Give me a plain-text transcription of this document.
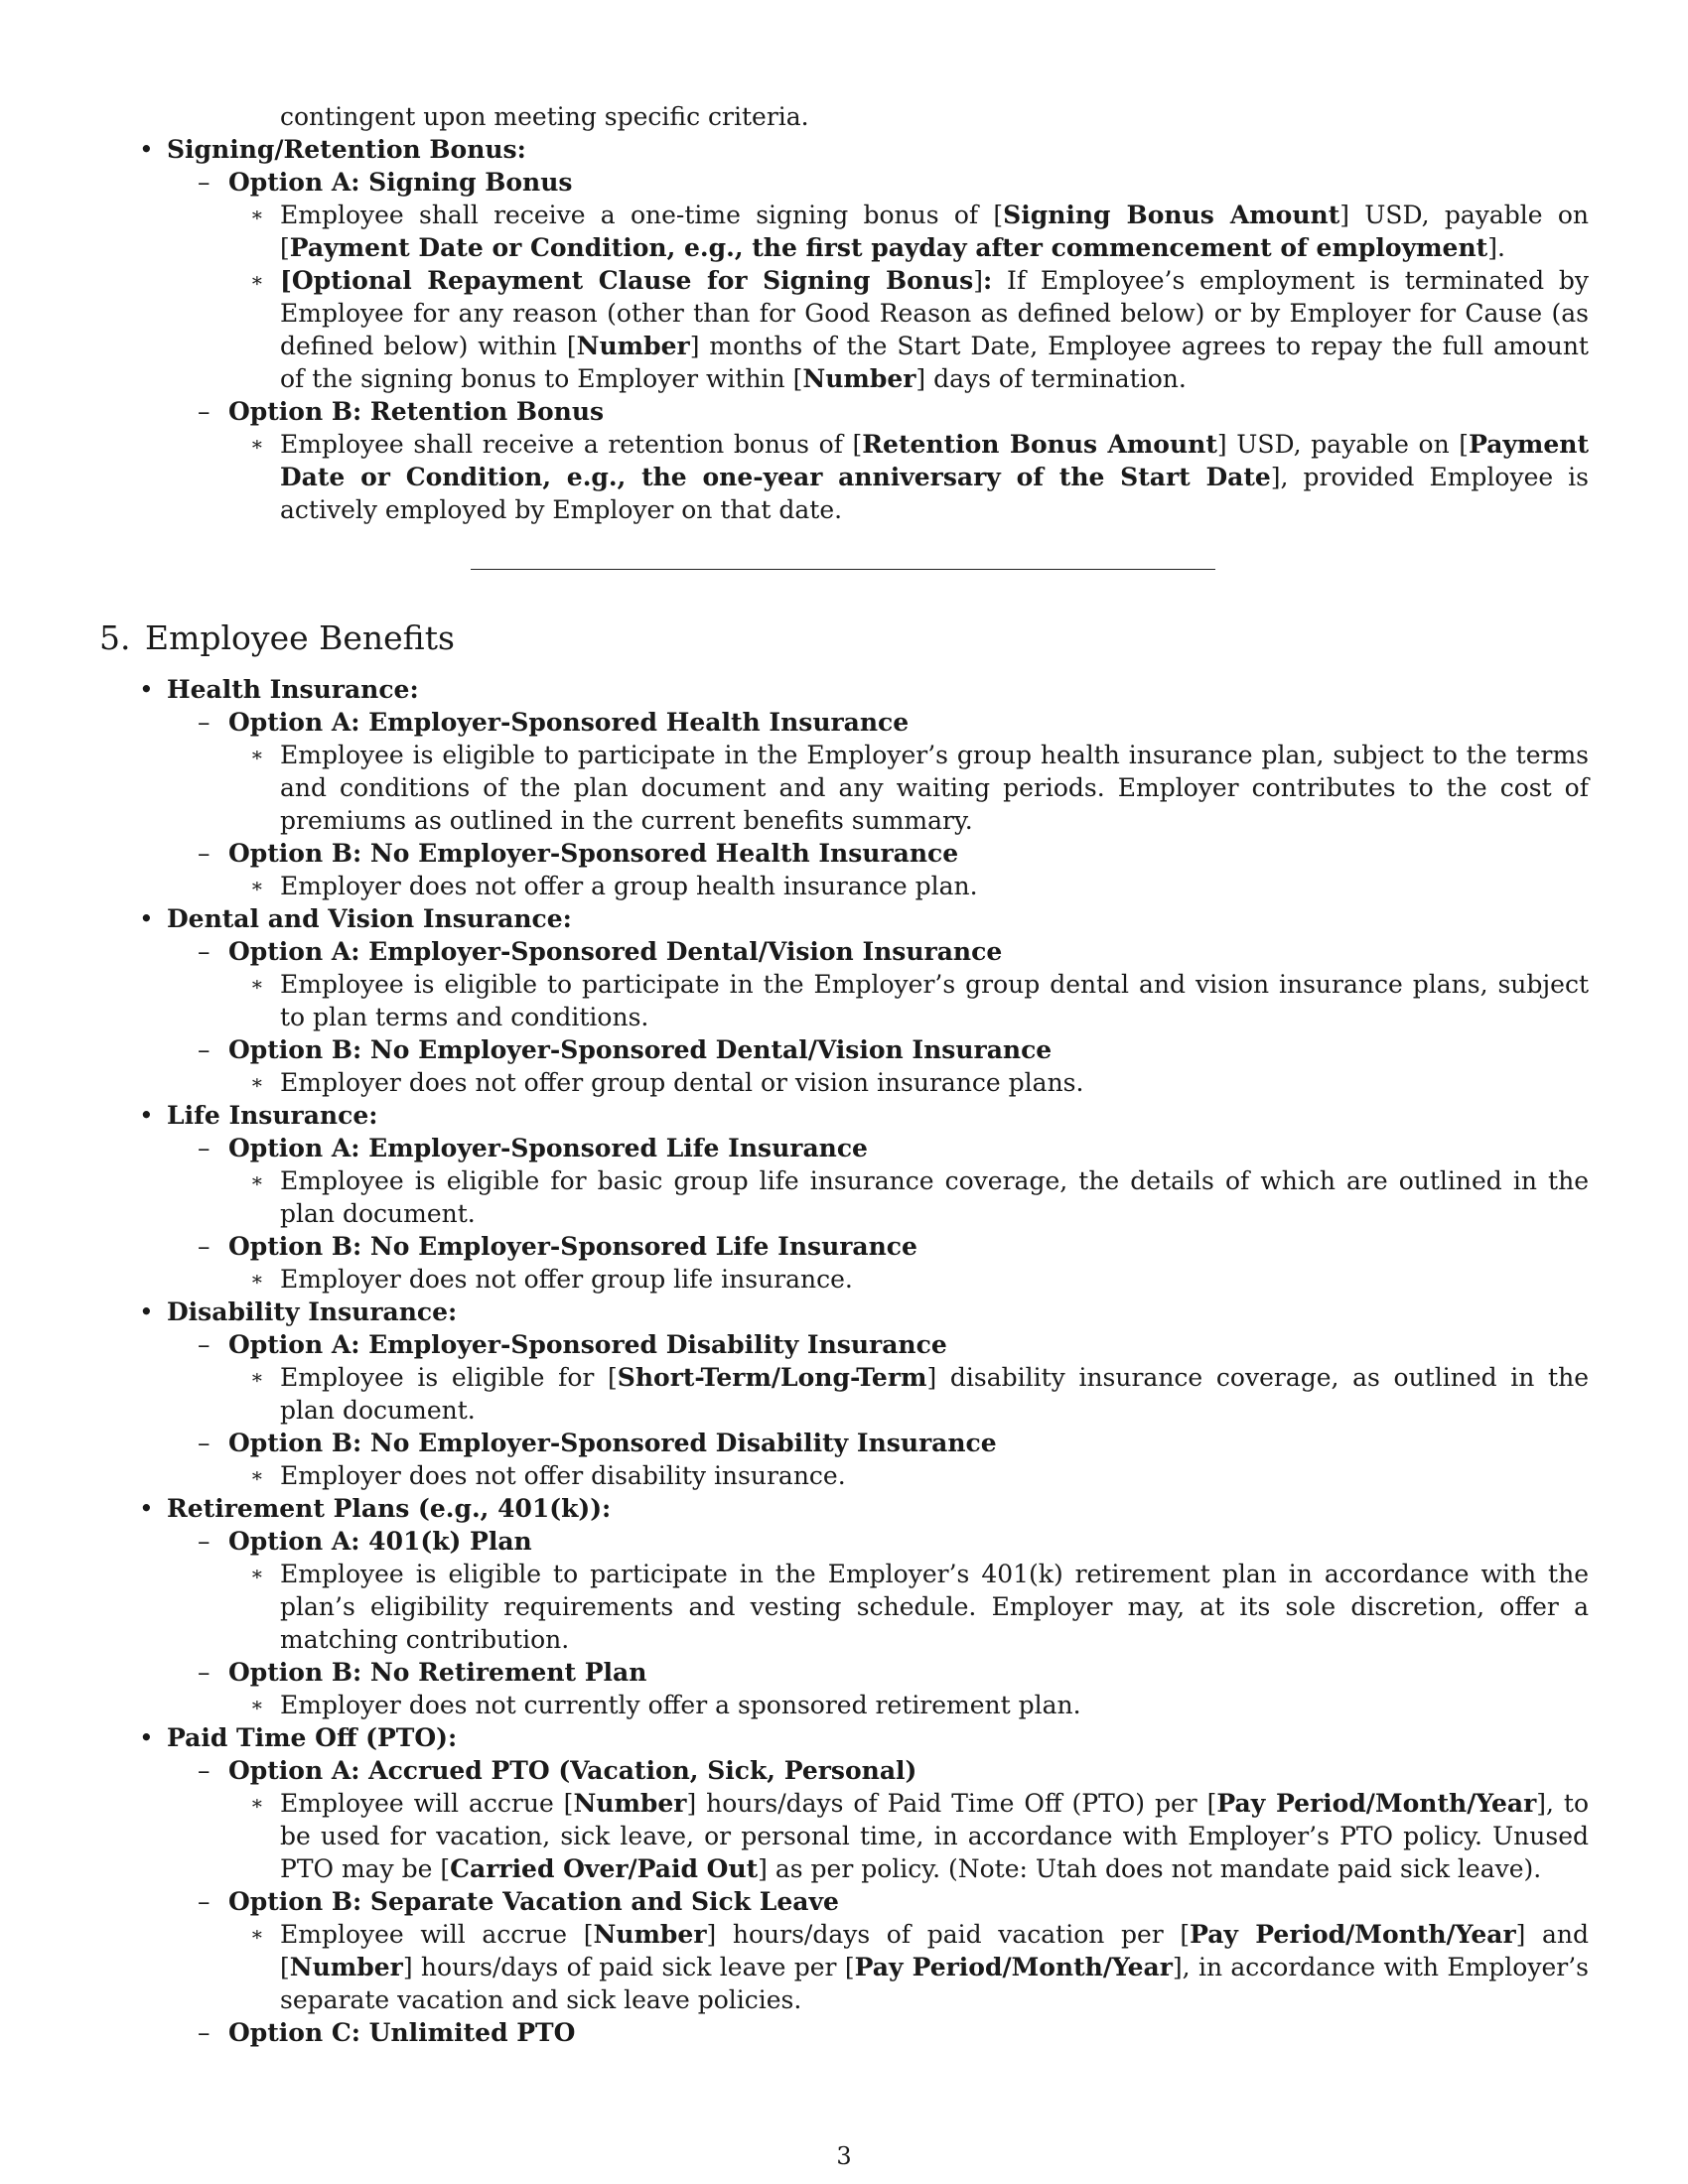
contingent upon meeting specific criteria.
• Signing/Retention Bonus:
– Option A: Signing Bonus
∗ Employee shall receive a one-time signing bonus of [Signing Bonus Amount] USD, payable on [Payment Date or Condition, e.g., the first payday after commencement of employment].
∗ [Optional Repayment Clause for Signing Bonus]: If Employee’s employment is terminated by Employee for any reason (other than for Good Reason as defined below) or by Employer for Cause (as defined below) within [Number] months of the Start Date, Employee agrees to repay the full amount of the signing bonus to Employer within [Number] days of termination.
– Option B: Retention Bonus
∗ Employee shall receive a retention bonus of [Retention Bonus Amount] USD, payable on [Payment Date or Condition, e.g., the one-year anniversary of the Start Date], provided Employee is actively employed by Employer on that date.
5. Employee Benefits
• Health Insurance:
– Option A: Employer-Sponsored Health Insurance
∗ Employee is eligible to participate in the Employer’s group health insurance plan, subject to the terms and conditions of the plan document and any waiting periods. Employer contributes to the cost of premiums as outlined in the current benefits summary.
– Option B: No Employer-Sponsored Health Insurance
∗ Employer does not offer a group health insurance plan.
• Dental and Vision Insurance:
– Option A: Employer-Sponsored Dental/Vision Insurance
∗ Employee is eligible to participate in the Employer’s group dental and vision insurance plans, subject to plan terms and conditions.
– Option B: No Employer-Sponsored Dental/Vision Insurance
∗ Employer does not offer group dental or vision insurance plans.
• Life Insurance:
– Option A: Employer-Sponsored Life Insurance
∗ Employee is eligible for basic group life insurance coverage, the details of which are outlined in the plan document.
– Option B: No Employer-Sponsored Life Insurance
∗ Employer does not offer group life insurance.
• Disability Insurance:
– Option A: Employer-Sponsored Disability Insurance
∗ Employee is eligible for [Short-Term/Long-Term] disability insurance coverage, as outlined in the plan document.
– Option B: No Employer-Sponsored Disability Insurance
∗ Employer does not offer disability insurance.
• Retirement Plans (e.g., 401(k)):
– Option A: 401(k) Plan
∗ Employee is eligible to participate in the Employer’s 401(k) retirement plan in accordance with the plan’s eligibility requirements and vesting schedule. Employer may, at its sole discretion, offer a matching contribution.
– Option B: No Retirement Plan
∗ Employer does not currently offer a sponsored retirement plan.
• Paid Time Off (PTO):
– Option A: Accrued PTO (Vacation, Sick, Personal)
∗ Employee will accrue [Number] hours/days of Paid Time Off (PTO) per [Pay Period/Month/Year], to be used for vacation, sick leave, or personal time, in accordance with Employer’s PTO policy. Unused PTO may be [Carried Over/Paid Out] as per policy. (Note: Utah does not mandate paid sick leave).
– Option B: Separate Vacation and Sick Leave
∗ Employee will accrue [Number] hours/days of paid vacation per [Pay Period/Month/Year] and [Number] hours/days of paid sick leave per [Pay Period/Month/Year], in accordance with Employer’s separate vacation and sick leave policies.
– Option C: Unlimited PTO
3
